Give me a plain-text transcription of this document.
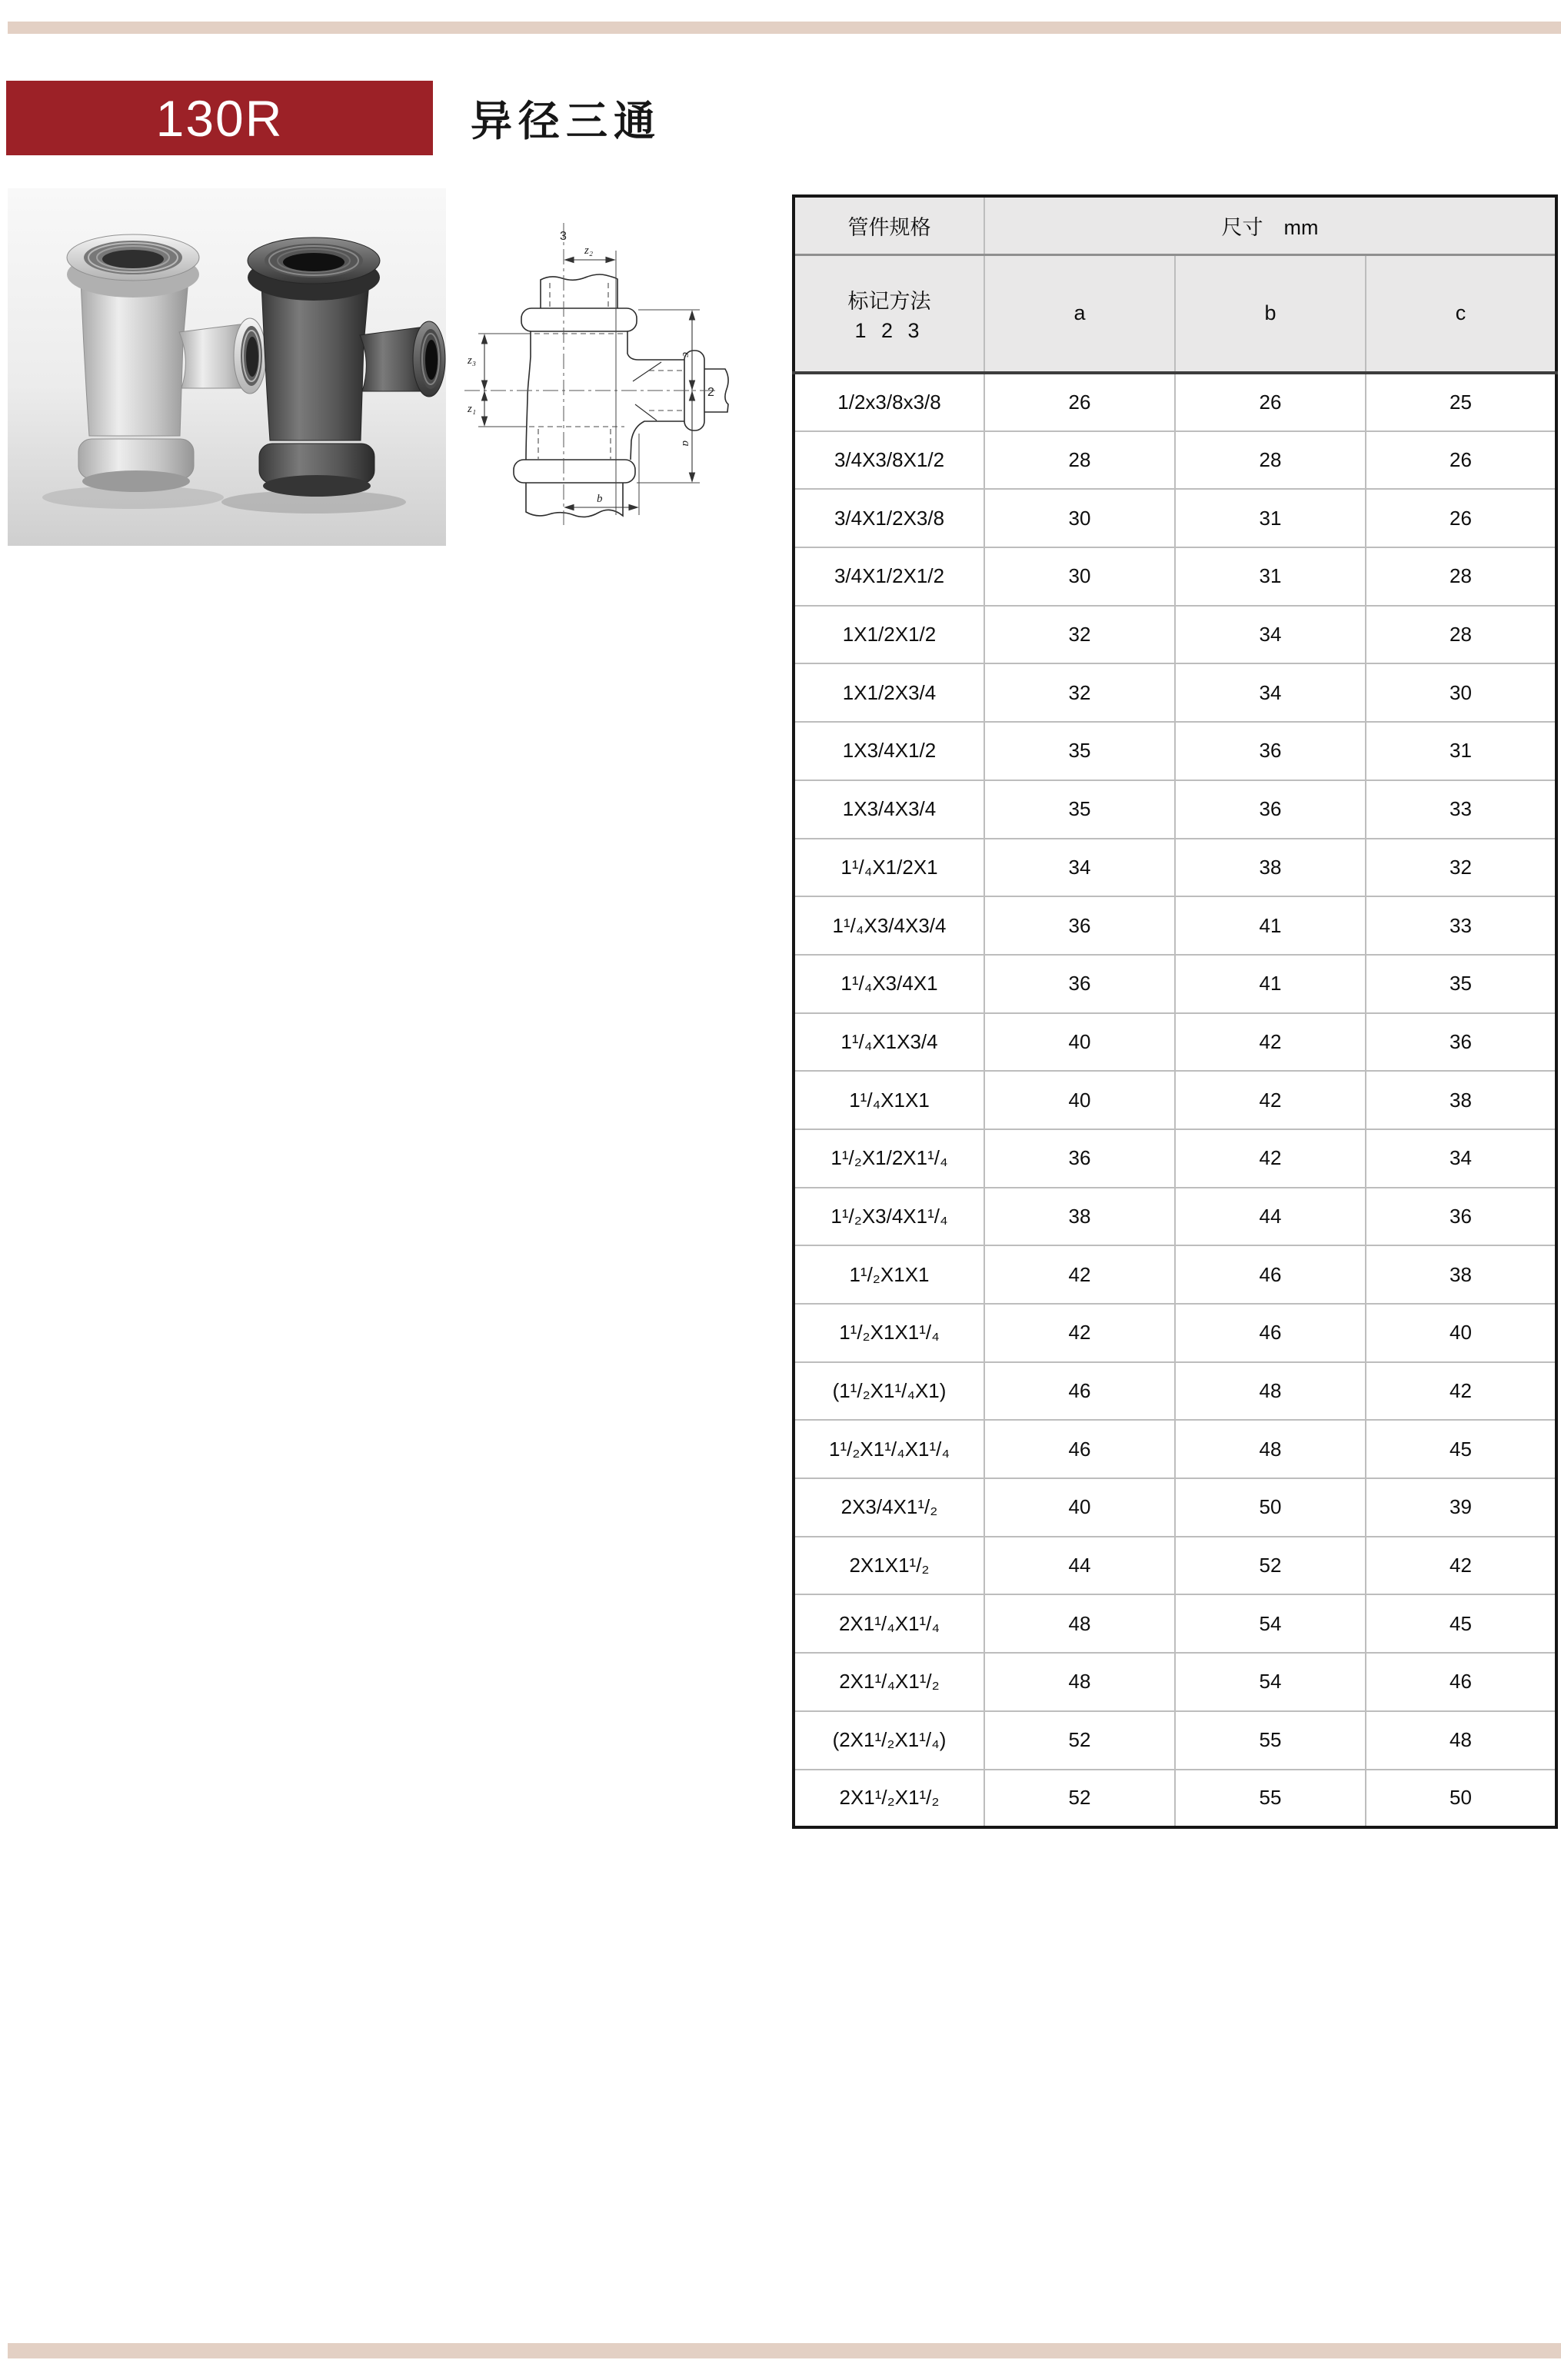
130R	异径三通
3
2
z₂
z₃
z₁
c
a
b
管件规格	尺寸　mm		

标记方法
1 2 3	a	b	c
1/2x3/8x3/8	26	26	25
3/4X3/8X1/2	28	28	26
3/4X1/2X3/8	30	31	26
3/4X1/2X1/2	30	31	28
1X1/2X1/2	32	34	28
1X1/2X3/4	32	34	30
1X3/4X1/2	35	36	31
1X3/4X3/4	35	36	33
1¹/₄X1/2X1	34	38	32
1¹/₄X3/4X3/4	36	41	33
1¹/₄X3/4X1	36	41	35
1¹/₄X1X3/4	40	42	36
1¹/₄X1X1	40	42	38
1¹/₂X1/2X1¹/₄	36	42	34
1¹/₂X3/4X1¹/₄	38	44	36
1¹/₂X1X1	42	46	38
1¹/₂X1X1¹/₄	42	46	40
(1¹/₂X1¹/₄X1)	46	48	42
1¹/₂X1¹/₄X1¹/₄	46	48	45
2X3/4X1¹/₂	40	50	39
2X1X1¹/₂	44	52	42
2X1¹/₄X1¹/₄	48	54	45
2X1¹/₄X1¹/₂	48	54	46
(2X1¹/₂X1¹/₄)	52	55	48
2X1¹/₂X1¹/₂	52	55	50
